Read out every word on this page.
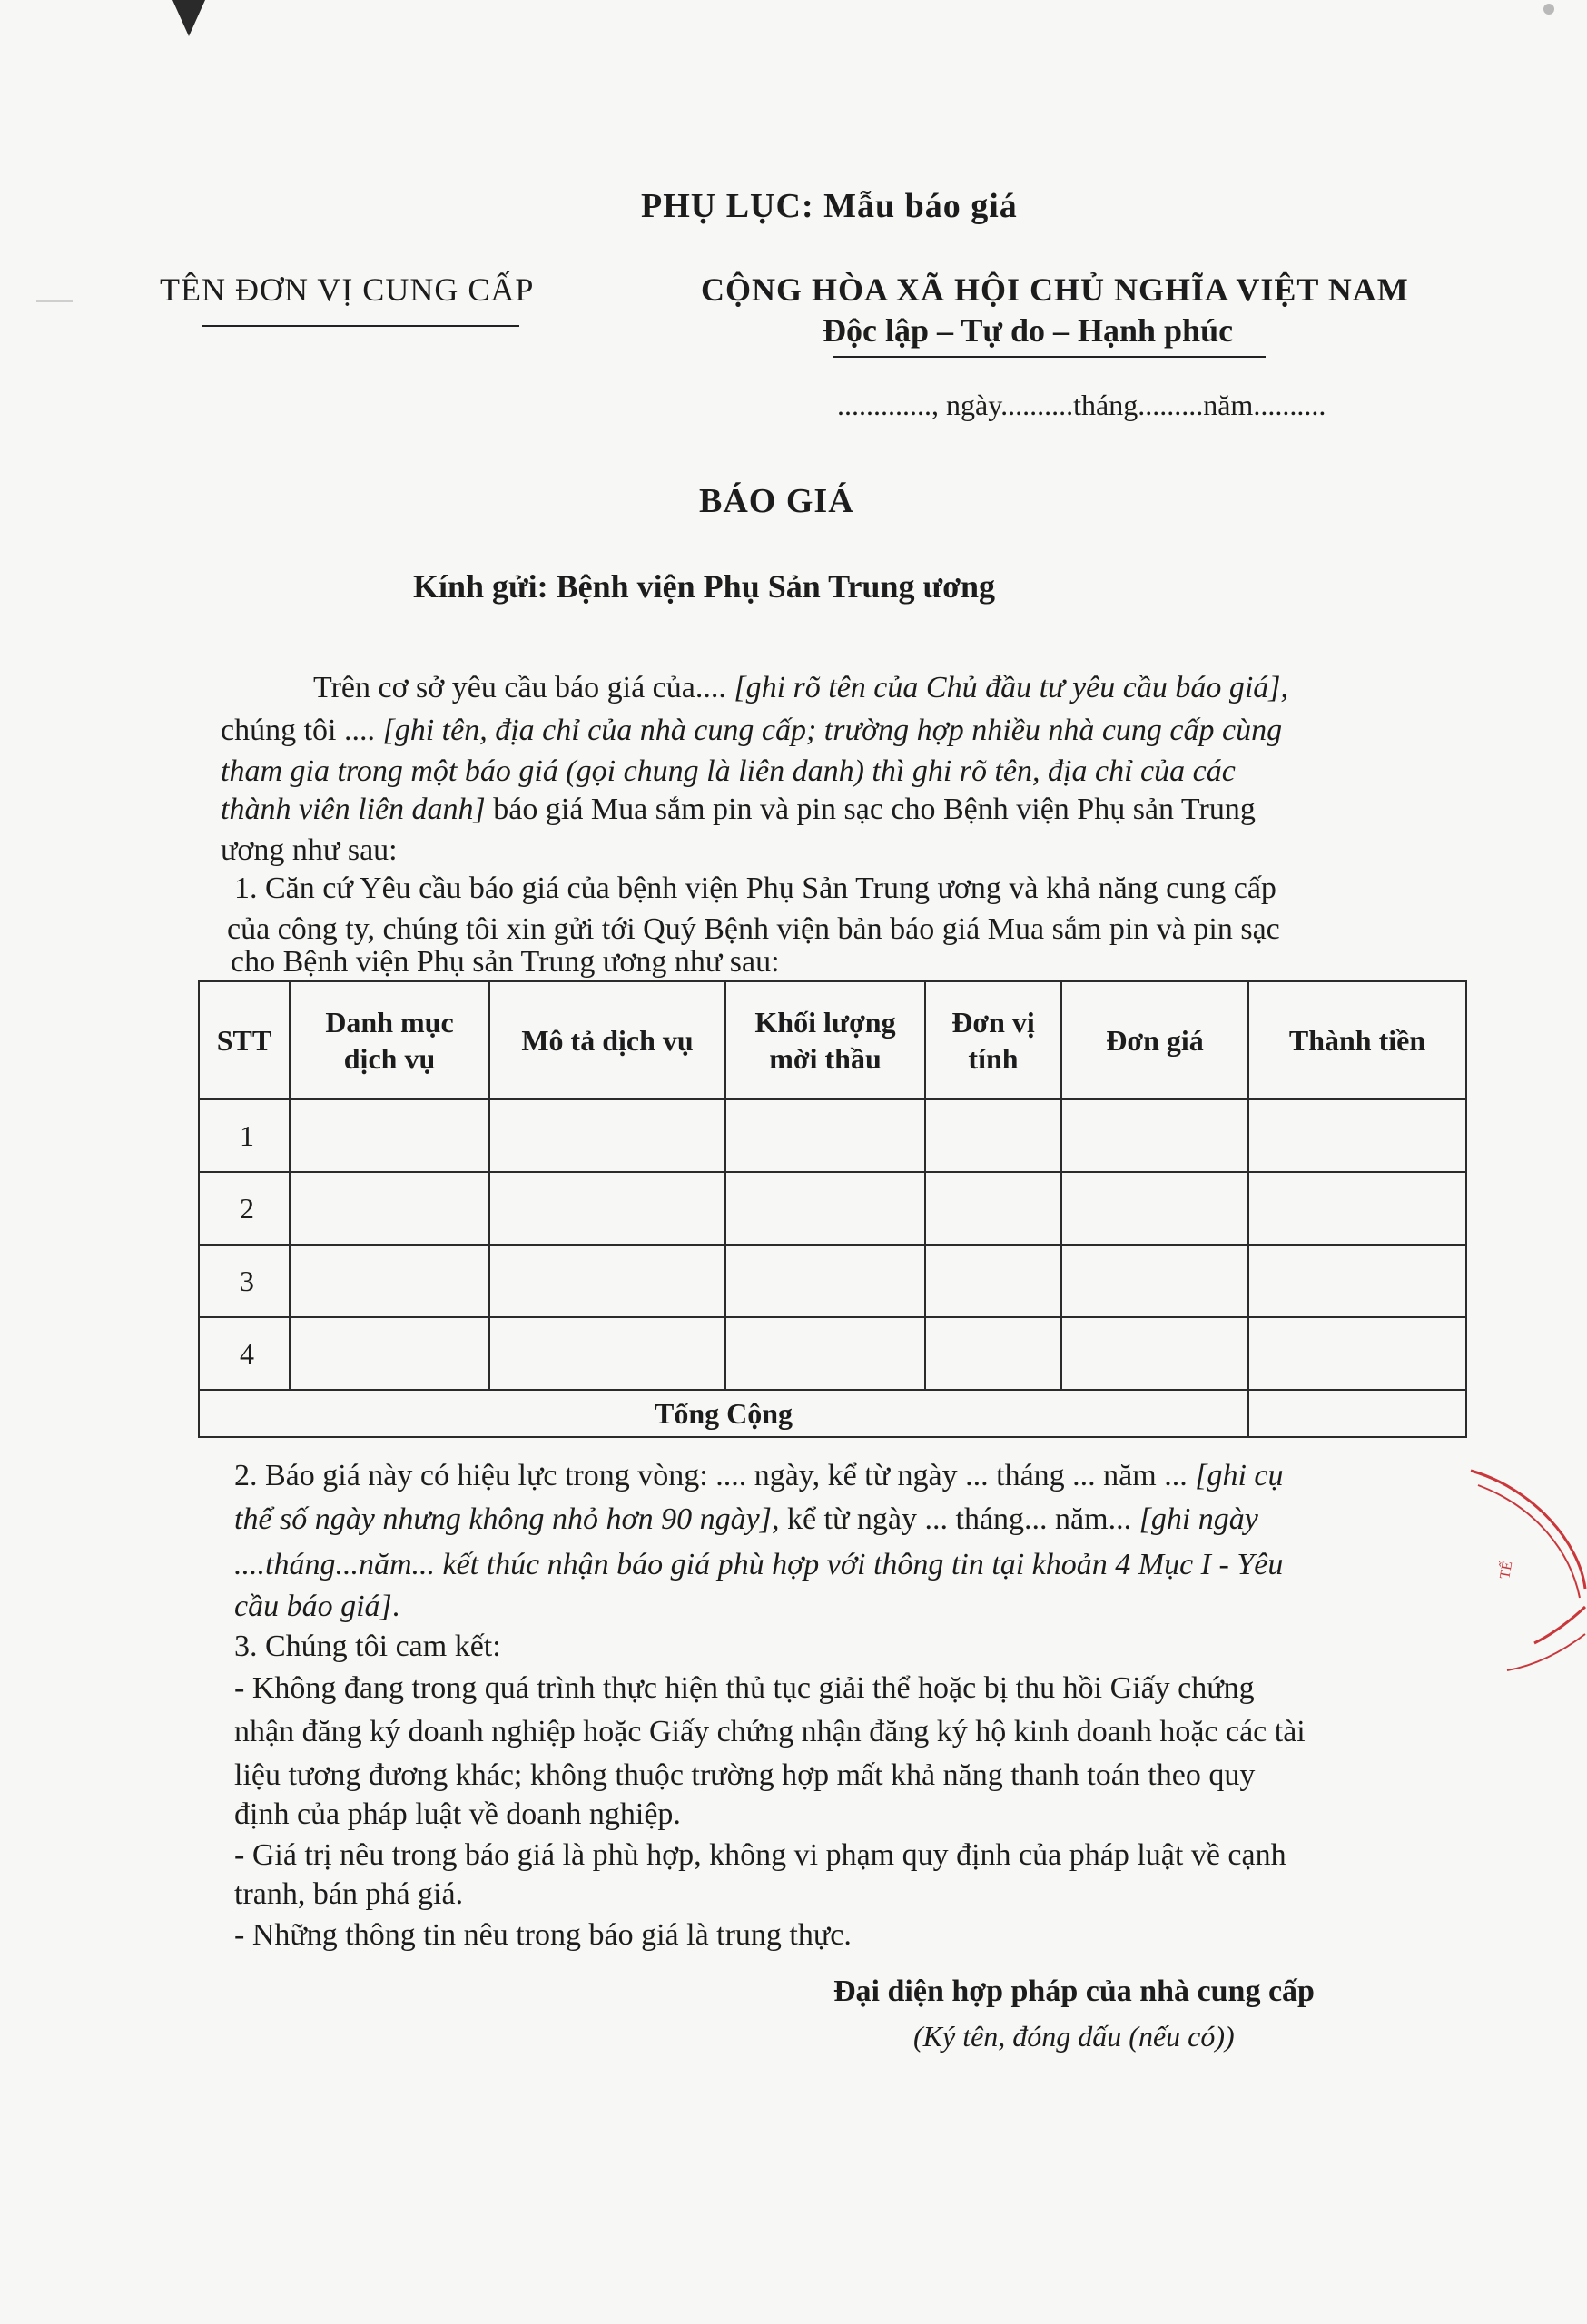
PHỤ LỤC: Mẫu báo giá
TÊN ĐƠN VỊ CUNG CẤP	CỘNG HÒA XÃ HỘI CHỦ NGHĨA VIỆT NAM
Độc lập – Tự do – Hạnh phúc
............., ngày..........tháng.........năm..........
BÁO GIÁ
Kính gửi: Bệnh viện Phụ Sản Trung ương
Trên cơ sở yêu cầu báo giá của.... [ghi rõ tên của Chủ đầu tư yêu cầu báo giá],
chúng tôi .... [ghi tên, địa chỉ của nhà cung cấp; trường hợp nhiều nhà cung cấp cùng
tham gia trong một báo giá (gọi chung là liên danh) thì ghi rõ tên, địa chỉ của các
thành viên liên danh] báo giá Mua sắm pin và pin sạc cho Bệnh viện Phụ sản Trung
ương như sau:
1. Căn cứ Yêu cầu báo giá của bệnh viện Phụ Sản Trung ương và khả năng cung cấp
của công ty, chúng tôi xin gửi tới Quý Bệnh viện bản báo giá Mua sắm pin và pin sạc
cho Bệnh viện Phụ sản Trung ương như sau:
STT	Danh mục dịch vụ	Mô tả dịch vụ	Khối lượng mời thầu	Đơn vị tính	Đơn giá	Thành tiền
1						
2						
3						
4						
Tổng Cộng						
2. Báo giá này có hiệu lực trong vòng: .... ngày, kể từ ngày ... tháng ... năm ... [ghi cụ
thể số ngày nhưng không nhỏ hơn 90 ngày], kể từ ngày ... tháng... năm... [ghi ngày
....tháng...năm... kết thúc nhận báo giá phù hợp với thông tin tại khoản 4 Mục I - Yêu
cầu báo giá].
3. Chúng tôi cam kết:
- Không đang trong quá trình thực hiện thủ tục giải thể hoặc bị thu hồi Giấy chứng
nhận đăng ký doanh nghiệp hoặc Giấy chứng nhận đăng ký hộ kinh doanh hoặc các tài
liệu tương đương khác; không thuộc trường hợp mất khả năng thanh toán theo quy
định của pháp luật về doanh nghiệp.
- Giá trị nêu trong báo giá là phù hợp, không vi phạm quy định của pháp luật về cạnh
tranh, bán phá giá.
- Những thông tin nêu trong báo giá là trung thực.
Đại diện hợp pháp của nhà cung cấp
(Ký tên, đóng dấu (nếu có))
TẾ
